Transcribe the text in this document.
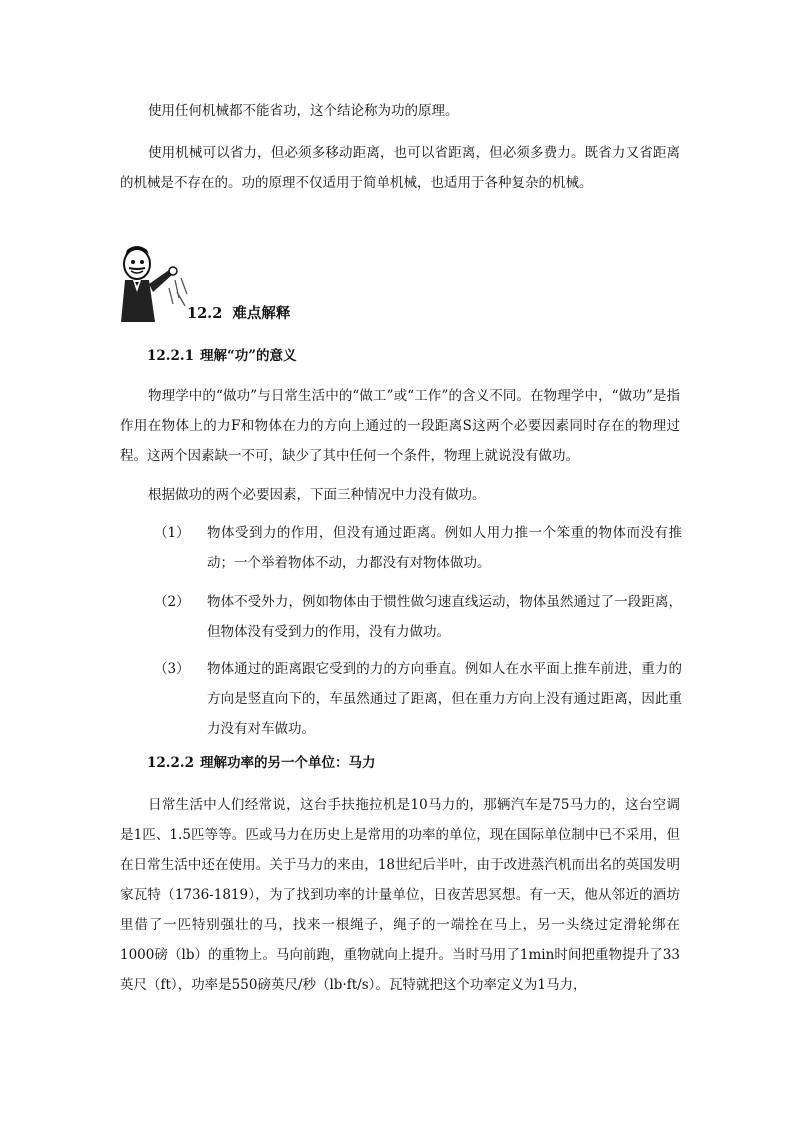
使用任何机械都不能省功，这个结论称为功的原理。

使用机械可以省力，但必须多移动距离，也可以省距离，但必须多费力。既省力又省距离的机械是不存在的。功的原理不仅适用于简单机械，也适用于各种复杂的机械。

12.2 难点解释
12.2.1 理解“功”的意义

物理学中的“做功”与日常生活中的“做工”或“工作”的含义不同。在物理学中，“做功”是指作用在物体上的力F和物体在力的方向上通过的一段距离S这两个必要因素同时存在的物理过程。这两个因素缺一不可，缺少了其中任何一个条件，物理上就说没有做功。

根据做功的两个必要因素，下面三种情况中力没有做功。

（1） 物体受到力的作用，但没有通过距离。例如人用力推一个笨重的物体而没有推动；一个举着物体不动，力都没有对物体做功。
（2） 物体不受外力，例如物体由于惯性做匀速直线运动，物体虽然通过了一段距离，但物体没有受到力的作用，没有力做功。
（3） 物体通过的距离跟它受到的力的方向垂直。例如人在水平面上推车前进，重力的方向是竖直向下的，车虽然通过了距离，但在重力方向上没有通过距离，因此重力没有对车做功。
12.2.2 理解功率的另一个单位：马力

日常生活中人们经常说，这台手扶拖拉机是10马力的，那辆汽车是75马力的，这台空调是1匹、1.5匹等等。匹或马力在历史上是常用的功率的单位，现在国际单位制中已不采用，但在日常生活中还在使用。关于马力的来由，18世纪后半叶，由于改进蒸汽机而出名的英国发明家瓦特（1736-1819），为了找到功率的计量单位，日夜苦思冥想。有一天，他从邻近的酒坊里借了一匹特别强壮的马，找来一根绳子，绳子的一端拴在马上，另一头绕过定滑轮绑在1000磅（lb）的重物上。马向前跑，重物就向上提升。当时马用了1min时间把重物提升了33英尺（ft），功率是550磅英尺/秒（lb·ft/s）。瓦特就把这个功率定义为1马力，
